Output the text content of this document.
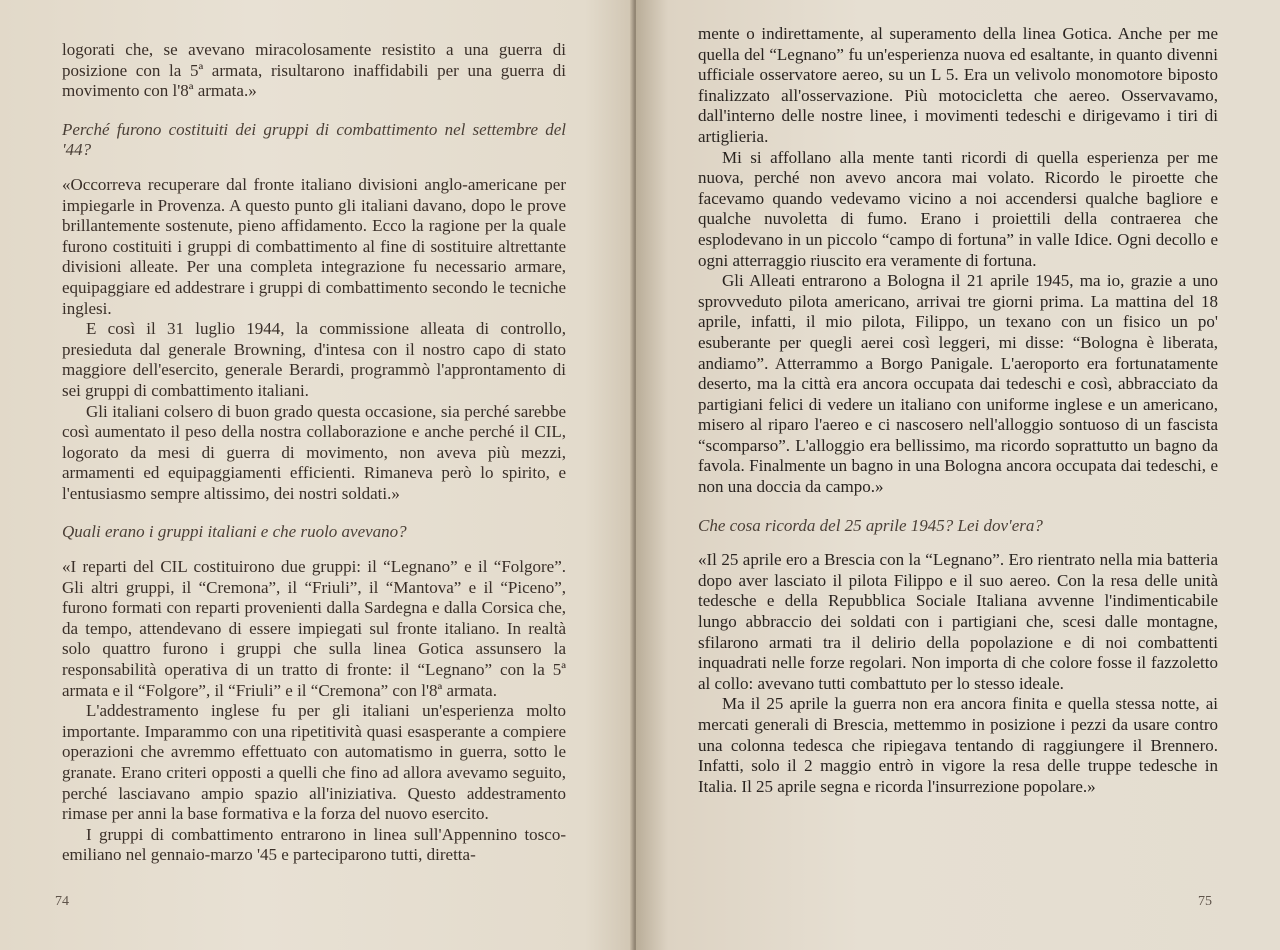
logorati che, se avevano miracolosamente resistito a una guerra di posizione con la 5ª armata, risultarono inaffidabili per una guerra di movimento con l'8ª armata.»

Perché furono costituiti dei gruppi di combattimento nel settembre del '44?

«Occorreva recuperare dal fronte italiano divisioni anglo-americane per impiegarle in Provenza. A questo punto gli italiani davano, dopo le prove brillantemente sostenute, pieno affidamento. Ecco la ragione per la quale furono costituiti i gruppi di combattimento al fine di sostituire altrettante divisioni alleate. Per una completa integrazione fu necessario armare, equipaggiare ed addestrare i gruppi di combattimento secondo le tecniche inglesi.

E così il 31 luglio 1944, la commissione alleata di controllo, presieduta dal generale Browning, d'intesa con il nostro capo di stato maggiore dell'esercito, generale Berardi, programmò l'approntamento di sei gruppi di combattimento italiani.

Gli italiani colsero di buon grado questa occasione, sia perché sarebbe così aumentato il peso della nostra collaborazione e anche perché il CIL, logorato da mesi di guerra di movimento, non aveva più mezzi, armamenti ed equipaggiamenti efficienti. Rimaneva però lo spirito, e l'entusiasmo sempre altissimo, dei nostri soldati.»

Quali erano i gruppi italiani e che ruolo avevano?

«I reparti del CIL costituirono due gruppi: il “Legnano” e il “Folgore”. Gli altri gruppi, il “Cremona”, il “Friuli”, il “Mantova” e il “Piceno”, furono formati con reparti provenienti dalla Sardegna e dalla Corsica che, da tempo, attendevano di essere impiegati sul fronte italiano. In realtà solo quattro furono i gruppi che sulla linea Gotica assunsero la responsabilità operativa di un tratto di fronte: il “Legnano” con la 5ª armata e il “Folgore”, il “Friuli” e il “Cremona” con l'8ª armata.

L'addestramento inglese fu per gli italiani un'esperienza molto importante. Imparammo con una ripetitività quasi esasperante a compiere operazioni che avremmo effettuato con automatismo in guerra, sotto le granate. Erano criteri opposti a quelli che fino ad allora avevamo seguito, perché lasciavano ampio spazio all'iniziativa. Questo addestramento rimase per anni la base formativa e la forza del nuovo esercito.

I gruppi di combattimento entrarono in linea sull'Appennino tosco-emiliano nel gennaio-marzo '45 e parteciparono tutti, diretta-

74

mente o indirettamente, al superamento della linea Gotica. Anche per me quella del “Legnano” fu un'esperienza nuova ed esaltante, in quanto divenni ufficiale osservatore aereo, su un L 5. Era un velivolo monomotore biposto finalizzato all'osservazione. Più motocicletta che aereo. Osservavamo, dall'interno delle nostre linee, i movimenti tedeschi e dirigevamo i tiri di artiglieria.

Mi si affollano alla mente tanti ricordi di quella esperienza per me nuova, perché non avevo ancora mai volato. Ricordo le piroette che facevamo quando vedevamo vicino a noi accendersi qualche bagliore e qualche nuvoletta di fumo. Erano i proiettili della contraerea che esplodevano in un piccolo “campo di fortuna” in valle Idice. Ogni decollo e ogni atterraggio riuscito era veramente di fortuna.

Gli Alleati entrarono a Bologna il 21 aprile 1945, ma io, grazie a uno sprovveduto pilota americano, arrivai tre giorni prima. La mattina del 18 aprile, infatti, il mio pilota, Filippo, un texano con un fisico un po' esuberante per quegli aerei così leggeri, mi disse: “Bologna è liberata, andiamo”. Atterrammo a Borgo Panigale. L'aeroporto era fortunatamente deserto, ma la città era ancora occupata dai tedeschi e così, abbracciato da partigiani felici di vedere un italiano con uniforme inglese e un americano, misero al riparo l'aereo e ci nascosero nell'alloggio sontuoso di un fascista “scomparso”. L'alloggio era bellissimo, ma ricordo soprattutto un bagno da favola. Finalmente un bagno in una Bologna ancora occupata dai tedeschi, e non una doccia da campo.»

Che cosa ricorda del 25 aprile 1945? Lei dov'era?

«Il 25 aprile ero a Brescia con la “Legnano”. Ero rientrato nella mia batteria dopo aver lasciato il pilota Filippo e il suo aereo. Con la resa delle unità tedesche e della Repubblica Sociale Italiana avvenne l'indimenticabile lungo abbraccio dei soldati con i partigiani che, scesi dalle montagne, sfilarono armati tra il delirio della popolazione e di noi combattenti inquadrati nelle forze regolari. Non importa di che colore fosse il fazzoletto al collo: avevano tutti combattuto per lo stesso ideale.

Ma il 25 aprile la guerra non era ancora finita e quella stessa notte, ai mercati generali di Brescia, mettemmo in posizione i pezzi da usare contro una colonna tedesca che ripiegava tentando di raggiungere il Brennero. Infatti, solo il 2 maggio entrò in vigore la resa delle truppe tedesche in Italia. Il 25 aprile segna e ricorda l'insurrezione popolare.»

75
